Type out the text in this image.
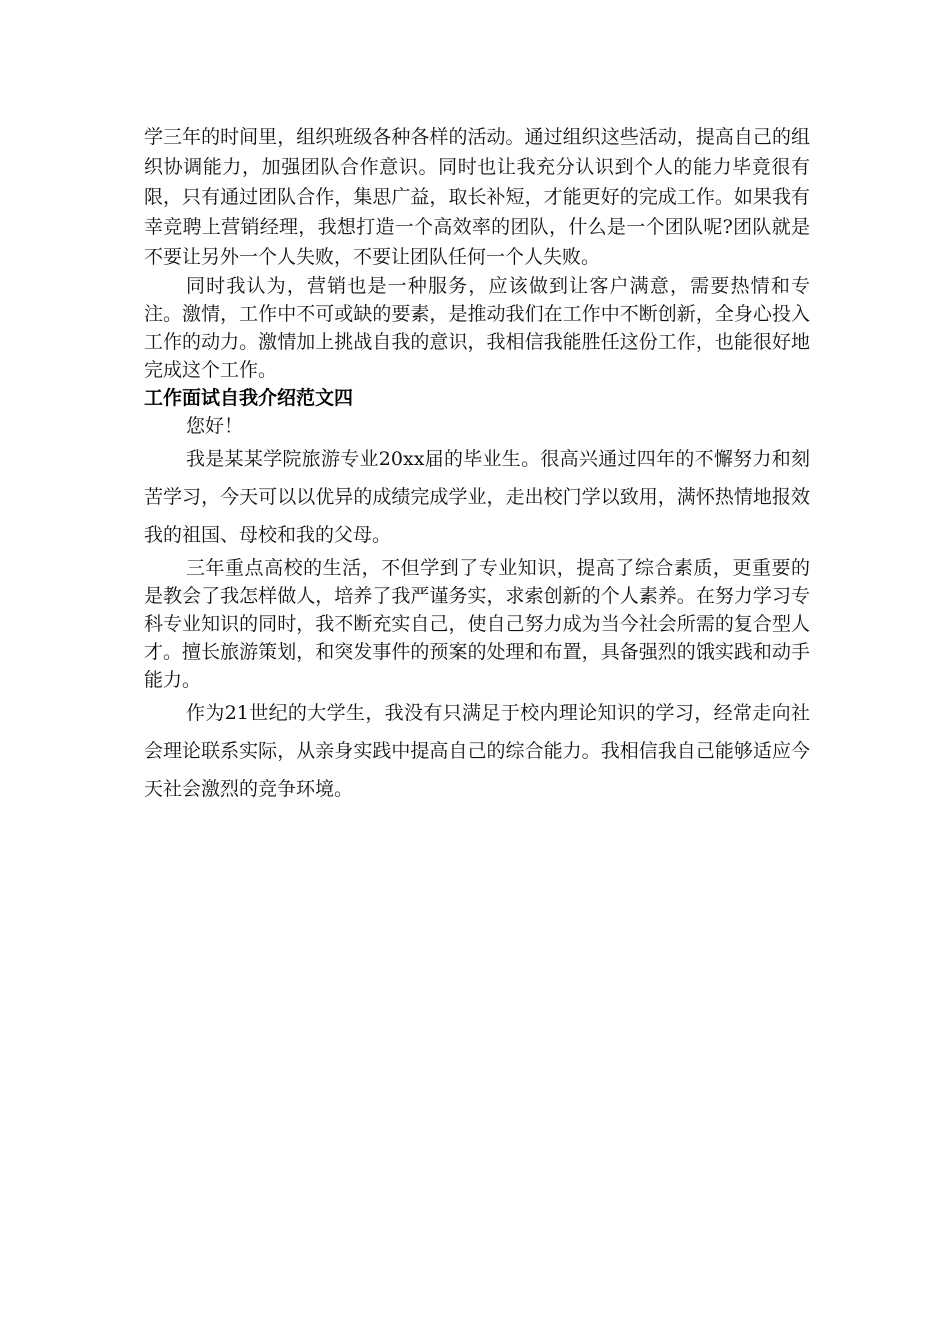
学三年的时间里，组织班级各种各样的活动。通过组织这些活动，提高自己的组织协调能力，加强团队合作意识。同时也让我充分认识到个人的能力毕竟很有限，只有通过团队合作，集思广益，取长补短，才能更好的完成工作。如果我有幸竞聘上营销经理，我想打造一个高效率的团队，什么是一个团队呢?团队就是不要让另外一个人失败，不要让团队任何一个人失败。

同时我认为，营销也是一种服务，应该做到让客户满意，需要热情和专注。激情，工作中不可或缺的要素，是推动我们在工作中不断创新，全身心投入工作的动力。激情加上挑战自我的意识，我相信我能胜任这份工作，也能很好地完成这个工作。

工作面试自我介绍范文四

您好！

我是某某学院旅游专业20xx届的毕业生。很高兴通过四年的不懈努力和刻苦学习，今天可以以优异的成绩完成学业，走出校门学以致用，满怀热情地报效我的祖国、母校和我的父母。

三年重点高校的生活，不但学到了专业知识，提高了综合素质，更重要的是教会了我怎样做人，培养了我严谨务实，求索创新的个人素养。在努力学习专科专业知识的同时，我不断充实自己，使自己努力成为当今社会所需的复合型人才。擅长旅游策划，和突发事件的预案的处理和布置，具备强烈的饿实践和动手能力。

作为21世纪的大学生，我没有只满足于校内理论知识的学习，经常走向社会理论联系实际，从亲身实践中提高自己的综合能力。我相信我自己能够适应今天社会激烈的竞争环境。
